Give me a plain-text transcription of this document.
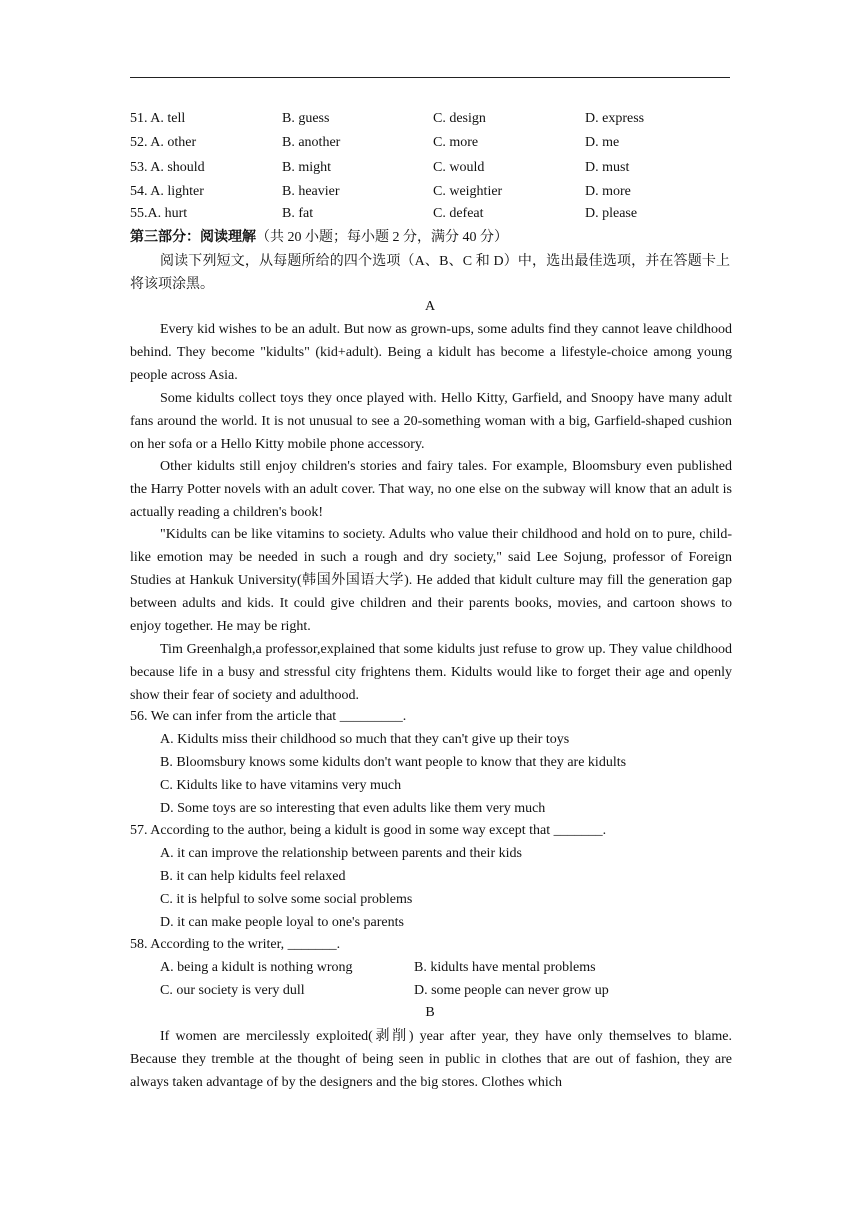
51. A. tell	B. guess	C. design	D. express
52. A. other	B. another	C. more	D. me
53. A. should	B. might	C. would	D. must
54. A. lighter	B. heavier	C. weightier	D. more
55.A. hurt	B. fat	C. defeat	D. please
第三部分：阅读理解（共 20 小题；每小题 2 分，满分 40 分）
阅读下列短文，从每题所给的四个选项（A、B、C 和 D）中，选出最佳选项，并在答题卡上将该项涂黑。
A
Every kid wishes to be an adult. But now as grown-ups, some adults find they cannot leave childhood behind. They become "kidults" (kid+adult). Being a kidult has become a lifestyle-choice among young people across Asia.
Some kidults collect toys they once played with. Hello Kitty, Garfield, and Snoopy have many adult fans around the world. It is not unusual to see a 20-something woman with a big, Garfield-shaped cushion on her sofa or a Hello Kitty mobile phone accessory.
Other kidults still enjoy children's stories and fairy tales. For example, Bloomsbury even published the Harry Potter novels with an adult cover. That way, no one else on the subway will know that an adult is actually reading a children's book!
"Kidults can be like vitamins to society. Adults who value their childhood and hold on to pure, child-like emotion may be needed in such a rough and dry society," said Lee Sojung, professor of Foreign Studies at Hankuk University(韩国外国语大学). He added that kidult culture may fill the generation gap between adults and kids. It could give children and their parents books, movies, and cartoon shows to enjoy together. He may be right.
Tim Greenhalgh,a professor,explained that some kidults just refuse to grow up. They value childhood because life in a busy and stressful city frightens them. Kidults would like to forget their age and openly show their fear of society and adulthood.
56. We can infer from the article that _________.
A. Kidults miss their childhood so much that they can't give up their toys
B. Bloomsbury knows some kidults don't want people to know that they are kidults
C. Kidults like to have vitamins very much
D. Some toys are so interesting that even adults like them very much
57. According to the author, being a kidult is good in some way except that _______.
A. it can improve the relationship between parents and their kids
B. it can help kidults feel relaxed
C. it is helpful to solve some social problems
D. it can make people loyal to one's parents
58. According to the writer, _______.
A. being a kidult is nothing wrong	B. kidults have mental problems
C. our society is very dull	D. some people can never grow up
B
If women are mercilessly exploited(剥削) year after year, they have only themselves to blame. Because they tremble at the thought of being seen in public in clothes that are out of fashion, they are always taken advantage of by the designers and the big stores. Clothes which
